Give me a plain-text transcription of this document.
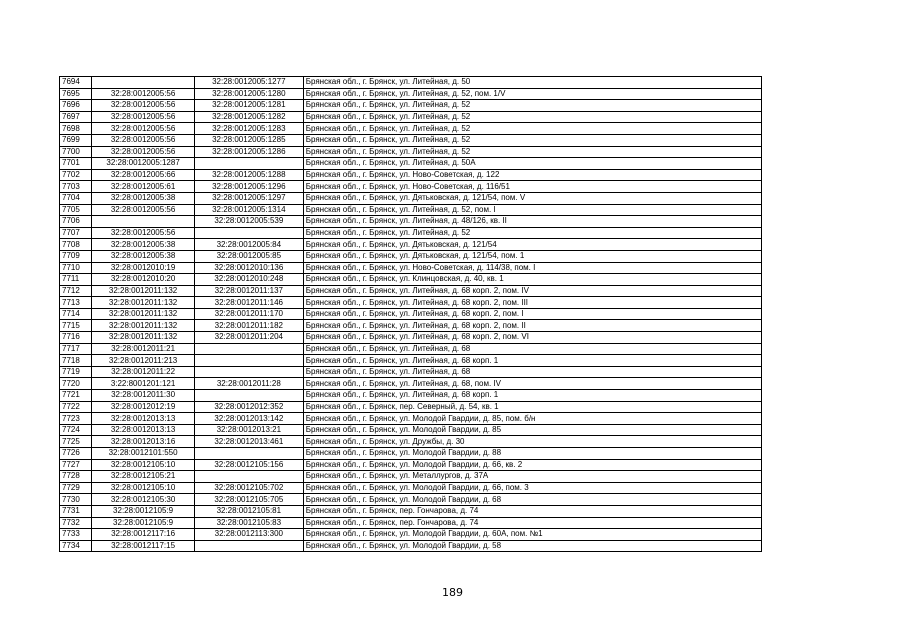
7694		32:28:0012005:1277	Брянская обл., г. Брянск, ул. Литейная, д. 50
7695	32:28:0012005:56	32:28:0012005:1280	Брянская обл., г. Брянск, ул. Литейная, д. 52, пом. 1/V
7696	32:28:0012005:56	32:28:0012005:1281	Брянская обл., г. Брянск, ул. Литейная, д. 52
7697	32:28:0012005:56	32:28:0012005:1282	Брянская обл., г. Брянск, ул. Литейная, д. 52
7698	32:28:0012005:56	32:28:0012005:1283	Брянская обл., г. Брянск, ул. Литейная, д. 52
7699	32:28:0012005:56	32:28:0012005:1285	Брянская обл., г. Брянск, ул. Литейная, д. 52
7700	32:28:0012005:56	32:28:0012005:1286	Брянская обл., г. Брянск, ул. Литейная, д. 52
7701	32:28:0012005:1287		Брянская обл., г. Брянск, ул. Литейная, д. 50А
7702	32:28:0012005:66	32:28:0012005:1288	Брянская обл., г. Брянск, ул. Ново-Советская, д. 122
7703	32:28:0012005:61	32:28:0012005:1296	Брянская обл., г. Брянск, ул. Ново-Советская, д. 116/51
7704	32:28:0012005:38	32:28:0012005:1297	Брянская обл., г. Брянск, ул. Дятьковская, д. 121/54, пом. V
7705	32:28:0012005:56	32:28:0012005:1314	Брянская обл., г. Брянск, ул. Литейная, д. 52, пом. I
7706		32:28:0012005:539	Брянская обл., г. Брянск, ул. Литейная, д. 48/126, кв. II
7707	32:28:0012005:56		Брянская обл., г. Брянск, ул. Литейная, д. 52
7708	32:28:0012005:38	32:28:0012005:84	Брянская обл., г. Брянск, ул. Дятьковская, д. 121/54
7709	32:28:0012005:38	32:28:0012005:85	Брянская обл., г. Брянск, ул. Дятьковская, д. 121/54, пом. 1
7710	32:28:0012010:19	32:28:0012010:136	Брянская обл., г. Брянск, ул. Ново-Советская, д. 114/38, пом. I
7711	32:28:0012010:20	32:28:0012010:248	Брянская обл., г. Брянск, ул. Клинцовская, д. 40, кв. 1
7712	32:28:0012011:132	32:28:0012011:137	Брянская обл., г. Брянск, ул. Литейная, д. 68 корп. 2, пом. IV
7713	32:28:0012011:132	32:28:0012011:146	Брянская обл., г. Брянск, ул. Литейная, д. 68 корп. 2, пом. III
7714	32:28:0012011:132	32:28:0012011:170	Брянская обл., г. Брянск, ул. Литейная, д. 68 корп. 2, пом. I
7715	32:28:0012011:132	32:28:0012011:182	Брянская обл., г. Брянск, ул. Литейная, д. 68 корп. 2, пом. II
7716	32:28:0012011:132	32:28:0012011:204	Брянская обл., г. Брянск, ул. Литейная, д. 68 корп. 2, пом. VI
7717	32:28:0012011:21		Брянская обл., г. Брянск, ул. Литейная, д. 68
7718	32:28:0012011:213		Брянская обл., г. Брянск, ул. Литейная, д. 68 корп. 1
7719	32:28:0012011:22		Брянская обл., г. Брянск, ул. Литейная, д. 68
7720	3:22:8001201:121	32:28:0012011:28	Брянская обл., г. Брянск, ул. Литейная, д. 68, пом. IV
7721	32:28:0012011:30		Брянская обл., г. Брянск, ул. Литейная, д. 68 корп. 1
7722	32:28:0012012:19	32:28:0012012:352	Брянская обл., г. Брянск, пер. Северный, д. 54, кв. 1
7723	32:28:0012013:13	32:28:0012013:142	Брянская обл., г. Брянск, ул. Молодой Гвардии, д. 85, пом. б/н
7724	32:28:0012013:13	32:28:0012013:21	Брянская обл., г. Брянск, ул. Молодой Гвардии, д. 85
7725	32:28:0012013:16	32:28:0012013:461	Брянская обл., г. Брянск, ул. Дружбы, д. 30
7726	32:28:0012101:550		Брянская обл., г. Брянск, ул. Молодой Гвардии, д. 88
7727	32:28:0012105:10	32:28:0012105:156	Брянская обл., г. Брянск, ул. Молодой Гвардии, д. 66, кв. 2
7728	32:28:0012105:21		Брянская обл., г. Брянск, ул. Металлургов, д. 37А
7729	32:28:0012105:10	32:28:0012105:702	Брянская обл., г. Брянск, ул. Молодой Гвардии, д. 66, пом. 3
7730	32:28:0012105:30	32:28:0012105:705	Брянская обл., г. Брянск, ул. Молодой Гвардии, д. 68
7731	32:28:0012105:9	32:28:0012105:81	Брянская обл., г. Брянск, пер. Гончарова, д. 74
7732	32:28:0012105:9	32:28:0012105:83	Брянская обл., г. Брянск, пер. Гончарова, д. 74
7733	32:28:0012117:16	32:28:0012113:300	Брянская обл., г. Брянск, ул. Молодой Гвардии, д. 60А, пом. №1
7734	32:28:0012117:15		Брянская обл., г. Брянск, ул. Молодой Гвардии, д. 58
189
